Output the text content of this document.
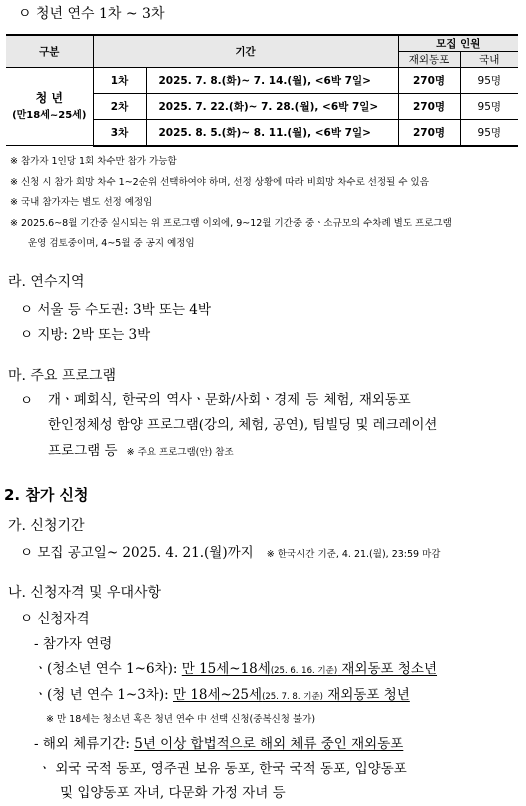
ㅇ 청년 연수 1차 ~ 3차
구분	기간		모집 인원	
			재외동포	국내

청 년
(만18세~25세)	1차	2025. 7. 8.(화)~ 7. 14.(월), <6박 7일>	270명	95명
	2차	2025. 7. 22.(화)~ 7. 28.(월), <6박 7일>	270명	95명
	3차	2025. 8. 5.(화)~ 8. 11.(월), <6박 7일>	270명	95명
※ 참가자 1인당 1회 차수만 참가 가능함
※ 신청 시 참가 희망 차수 1~2순위 선택하여야 하며, 선정 상황에 따라 비희망 차수로 선정될 수 있음
※ 국내 참가자는 별도 선정 예정임
※ 2025.6~8월 기간중 실시되는 위 프로그램 이외에, 9~12월 기간중 중ㆍ소규모의 수차례 별도 프로그램
운영 검토중이며, 4~5월 중 공지 예정임
라. 연수지역
ㅇ 서울 등 수도권: 3박 또는 4박
ㅇ 지방: 2박 또는 3박
마. 주요 프로그램
ㅇ 개ㆍ폐회식, 한국의 역사ㆍ문화/사회ㆍ경제 등 체험, 재외동포
한인정체성 함양 프로그램(강의, 체험, 공연), 팀빌딩 및 레크레이션
프로그램 등 ※ 주요 프로그램(안) 참조
2. 참가 신청
가. 신청기간
ㅇ 모집 공고일~ 2025. 4. 21.(월)까지 ※ 한국시간 기준, 4. 21.(월), 23:59 마감
나. 신청자격 및 우대사항
ㅇ 신청자격
- 참가자 연령
ㆍ(청소년 연수 1~6차): 만 15세~18세(25. 6. 16. 기준) 재외동포 청소년
ㆍ(청 년 연수 1~3차): 만 18세~25세(25. 7. 8. 기준) 재외동포 청년
※ 만 18세는 청소년 혹은 청년 연수 中 선택 신청(중복신청 불가)
- 해외 체류기간: 5년 이상 합법적으로 해외 체류 중인 재외동포
ㆍ 외국 국적 동포, 영주권 보유 동포, 한국 국적 동포, 입양동포
및 입양동포 자녀, 다문화 가정 자녀 등
